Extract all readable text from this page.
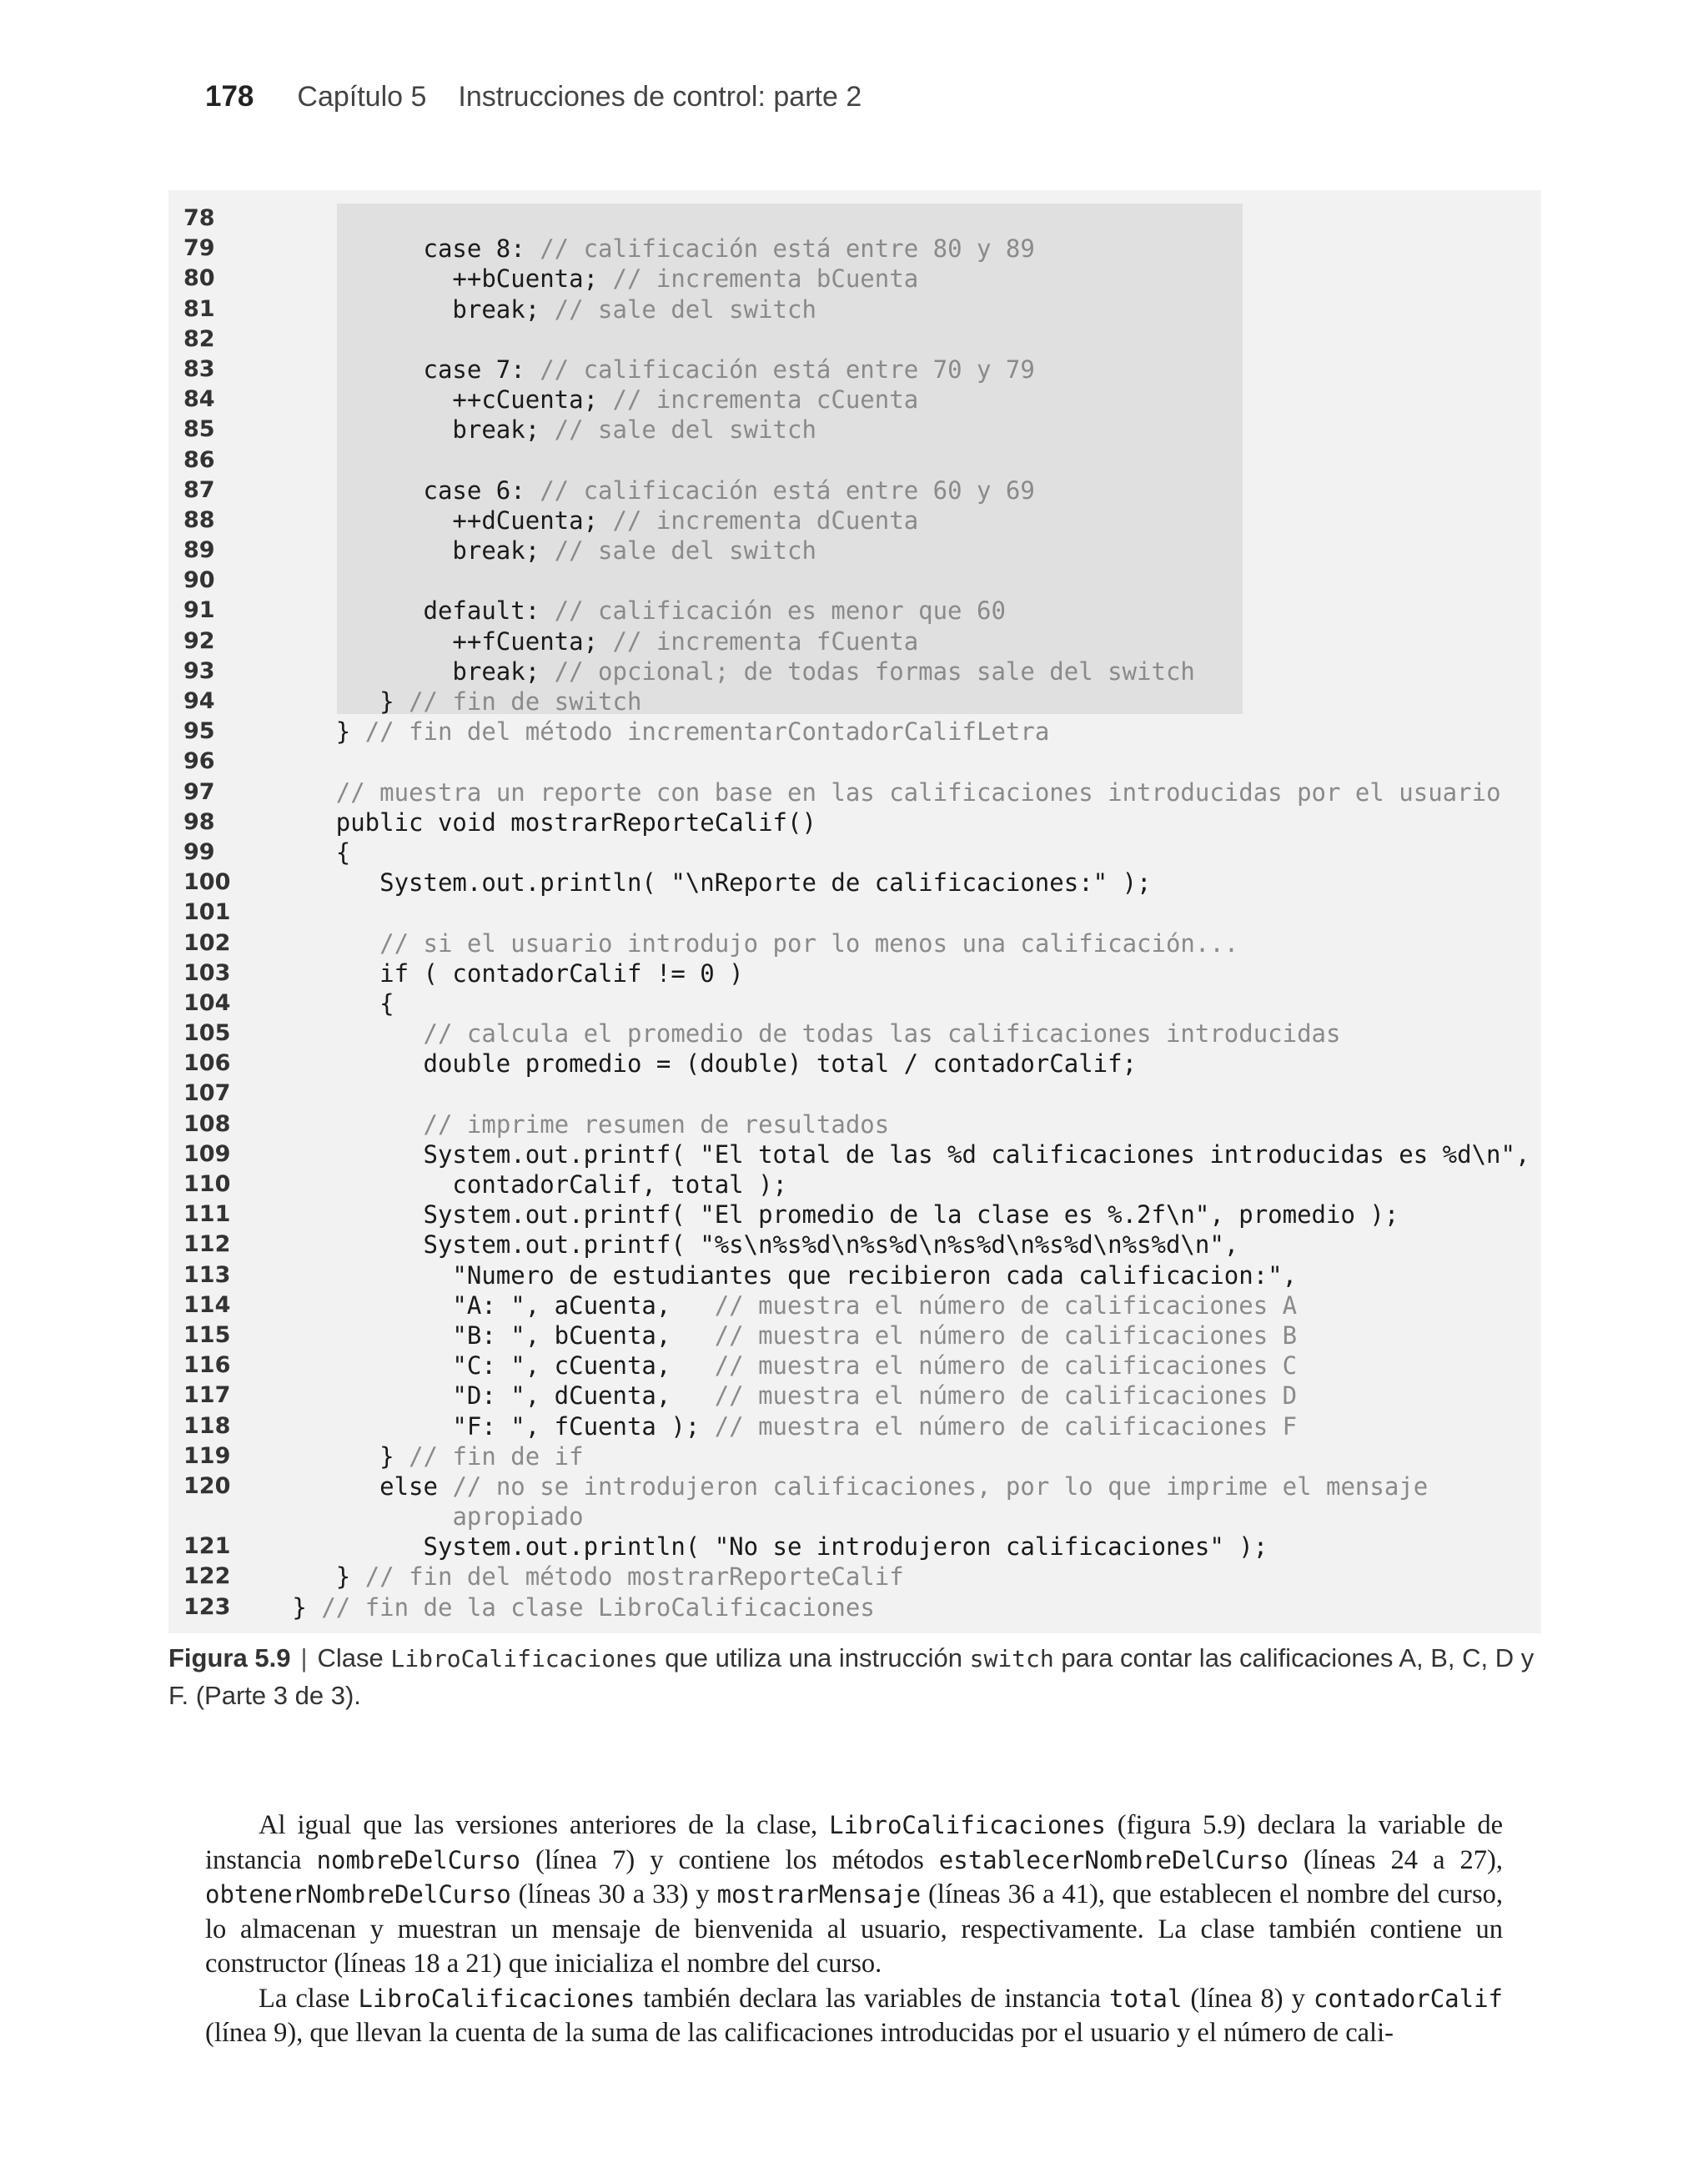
178 Capítulo 5 Instrucciones de control: parte 2
78
79	case 8: // calificación está entre 80 y 89
80	++bCuenta; // incrementa bCuenta
81	break; // sale del switch
82
83	case 7: // calificación está entre 70 y 79
84	++cCuenta; // incrementa cCuenta
85	break; // sale del switch
86
87	case 6: // calificación está entre 60 y 69
88	++dCuenta; // incrementa dCuenta
89	break; // sale del switch
90
91	default: // calificación es menor que 60
92	++fCuenta; // incrementa fCuenta
93	break; // opcional; de todas formas sale del switch
94	} // fin de switch
95	} // fin del método incrementarContadorCalifLetra
96
97	// muestra un reporte con base en las calificaciones introducidas por el usuario
98	public void mostrarReporteCalif()
99	{
100 System.out.println( "\nReporte de calificaciones:" );
101
102	// si el usuario introdujo por lo menos una calificación...
103 if ( contadorCalif != 0 )
104 {
105	// calcula el promedio de todas las calificaciones introducidas
106 double promedio = (double) total / contadorCalif;
107
108	// imprime resumen de resultados
109 System.out.printf( "El total de las %d calificaciones introducidas es %d\n",
110 contadorCalif, total );
111 System.out.printf( "El promedio de la clase es %.2f\n", promedio );
112 System.out.printf( "%s\n%s%d\n%s%d\n%s%d\n%s%d\n%s%d\n",
113 "Numero de estudiantes que recibieron cada calificacion:",
114 "A: ", aCuenta,   // muestra el número de calificaciones A
115 "B: ", bCuenta,   // muestra el número de calificaciones B
116 "C: ", cCuenta,   // muestra el número de calificaciones C
117 "D: ", dCuenta,   // muestra el número de calificaciones D
118 "F: ", fCuenta ); // muestra el número de calificaciones F
119 } // fin de if
120 else // no se introdujeron calificaciones, por lo que imprime el mensaje
apropiado
121 System.out.println( "No se introdujeron calificaciones" );
122 } // fin del método mostrarReporteCalif
123 } // fin de la clase LibroCalificaciones
Figura 5.9 | Clase LibroCalificaciones que utiliza una instrucción switch para contar las calificaciones A, B, C, D y F. (Parte 3 de 3).

Al igual que las versiones anteriores de la clase, LibroCalificaciones (figura 5.9) declara la variable de instancia nombreDelCurso (línea 7) y contiene los métodos establecerNombreDelCurso (líneas 24 a 27), obtenerNombreDelCurso (líneas 30 a 33) y mostrarMensaje (líneas 36 a 41), que establecen el nombre del curso, lo almacenan y muestran un mensaje de bienvenida al usuario, respectivamente. La clase también contiene un constructor (líneas 18 a 21) que inicializa el nombre del curso.

La clase LibroCalificaciones también declara las variables de instancia total (línea 8) y contadorCalif (línea 9), que llevan la cuenta de la suma de las calificaciones introducidas por el usuario y el número de cali-
